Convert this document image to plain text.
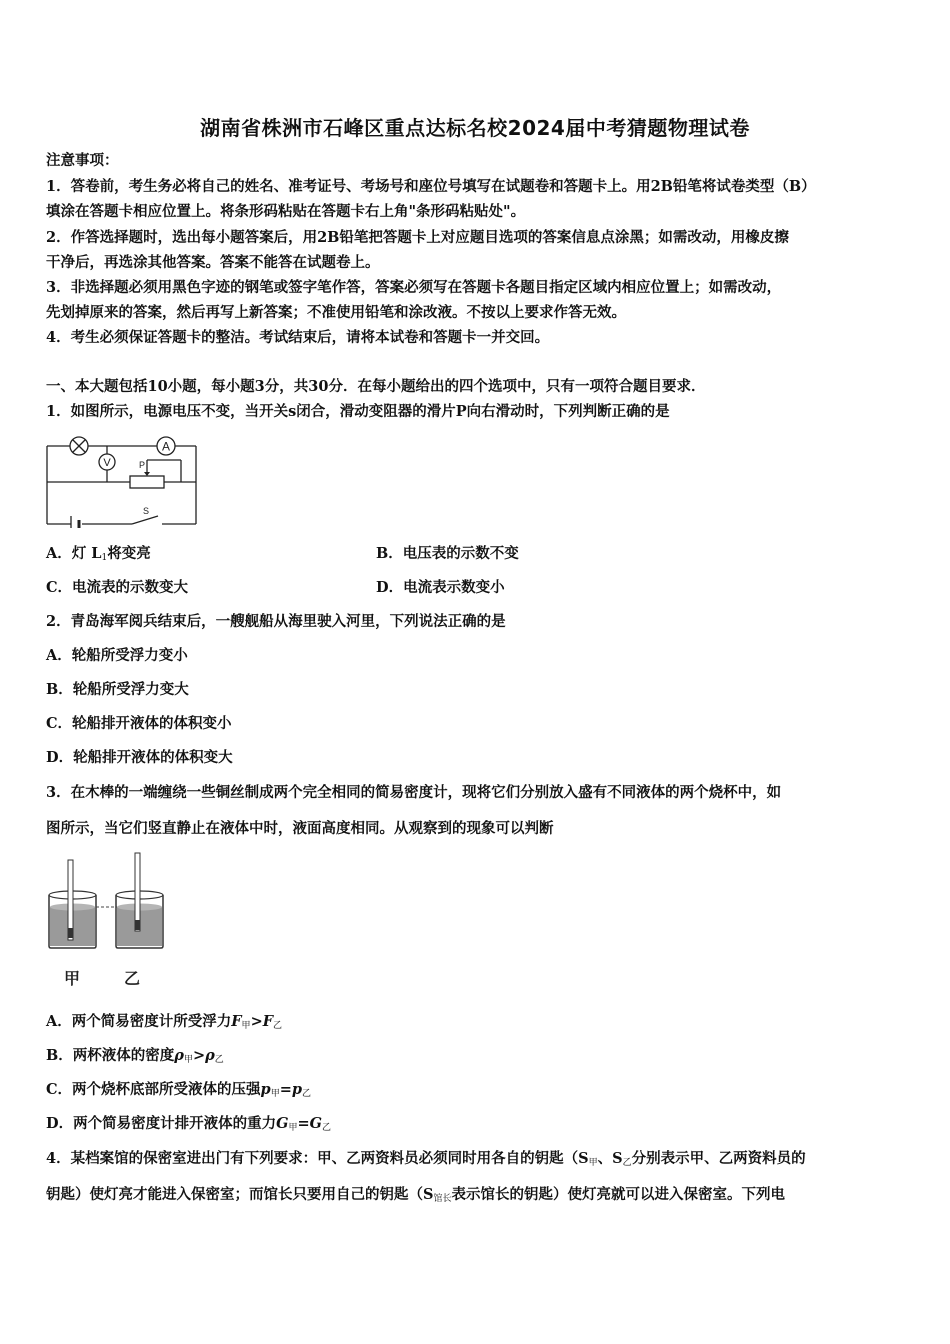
湖南省株洲市石峰区重点达标名校2024届中考猜题物理试卷
注意事项：
1．答卷前，考生务必将自己的姓名、准考证号、考场号和座位号填写在试题卷和答题卡上。用2B铅笔将试卷类型（B）
填涂在答题卡相应位置上。将条形码粘贴在答题卡右上角"条形码粘贴处"。
2．作答选择题时，选出每小题答案后，用2B铅笔把答题卡上对应题目选项的答案信息点涂黑；如需改动，用橡皮擦
干净后，再选涂其他答案。答案不能答在试题卷上。
3．非选择题必须用黑色字迹的钢笔或签字笔作答，答案必须写在答题卡各题目指定区域内相应位置上；如需改动，
先划掉原来的答案，然后再写上新答案；不准使用铅笔和涂改液。不按以上要求作答无效。
4．考生必须保证答题卡的整洁。考试结束后，请将本试卷和答题卡一并交回。
一、本大题包括10小题，每小题3分，共30分．在每小题给出的四个选项中，只有一项符合题目要求．
1．如图所示，电源电压不变，当开关s闭合，滑动变阻器的滑片P向右滑动时，下列判断正确的是
A
V	P
S
A．灯 $L_1$将变亮	B．电压表的示数不变
C．电流表的示数变大	D．电流表示数变小
2．青岛海军阅兵结束后，一艘舰船从海里驶入河里，下列说法正确的是
A．轮船所受浮力变小
B．轮船所受浮力变大
C．轮船排开液体的体积变小
D．轮船排开液体的体积变大
3．在木棒的一端缠绕一些铜丝制成两个完全相同的简易密度计，现将它们分别放入盛有不同液体的两个烧杯中，如
图所示，当它们竖直静止在液体中时，液面高度相同。从观察到的现象可以判断
甲	乙
A．两个简易密度计所受浮力$F_甲>F_乙$
B．两杯液体的密度$\rho_甲>\rho_乙$
C．两个烧杯底部所受液体的压强$p_甲=p_乙$
D．两个简易密度计排开液体的重力$G_甲=G_乙$
4．某档案馆的保密室进出门有下列要求：甲、乙两资料员必须同时用各自的钥匙（$S_甲$、$S_乙$分别表示甲、乙两资料员的
钥匙）使灯亮才能进入保密室；而馆长只要用自己的钥匙（$S_{馆长}$表示馆长的钥匙）使灯亮就可以进入保密室。下列电
